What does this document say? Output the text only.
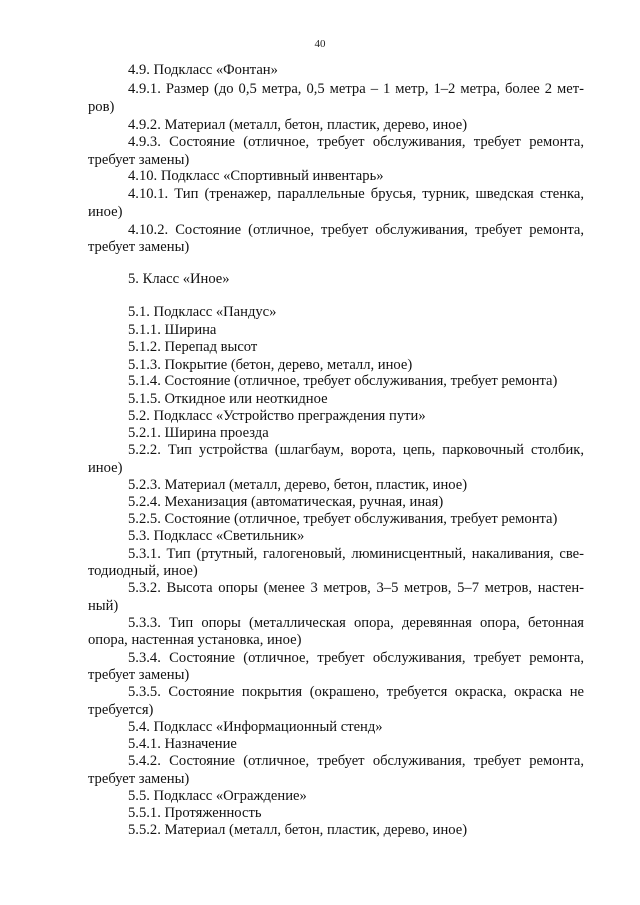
40
4.9. Подкласс «Фонтан»
4.9.1. Размер (до 0,5 метра, 0,5 метра – 1 метр, 1–2 метра, более 2 мет-
ров)
4.9.2. Материал (металл, бетон, пластик, дерево, иное)
4.9.3. Состояние (отличное, требует обслуживания, требует ремонта,
требует замены)
4.10. Подкласс «Спортивный инвентарь»
4.10.1. Тип (тренажер, параллельные брусья, турник, шведская стенка,
иное)
4.10.2. Состояние (отличное, требует обслуживания, требует ремонта,
требует замены)
5. Класс «Иное»
5.1. Подкласс «Пандус»
5.1.1. Ширина
5.1.2. Перепад высот
5.1.3. Покрытие (бетон, дерево, металл, иное)
5.1.4. Состояние (отличное, требует обслуживания, требует ремонта)
5.1.5. Откидное или неоткидное
5.2. Подкласс «Устройство преграждения пути»
5.2.1. Ширина проезда
5.2.2. Тип устройства (шлагбаум, ворота, цепь, парковочный столбик,
иное)
5.2.3. Материал (металл, дерево, бетон, пластик, иное)
5.2.4. Механизация (автоматическая, ручная, иная)
5.2.5. Состояние (отличное, требует обслуживания, требует ремонта)
5.3. Подкласс «Светильник»
5.3.1. Тип (ртутный, галогеновый, люминисцентный, накаливания, све-
тодиодный, иное)
5.3.2. Высота опоры (менее 3 метров, 3–5 метров, 5–7 метров, настен-
ный)
5.3.3. Тип опоры (металлическая опора, деревянная опора, бетонная
опора, настенная установка, иное)
5.3.4. Состояние (отличное, требует обслуживания, требует ремонта,
требует замены)
5.3.5. Состояние покрытия (окрашено, требуется окраска, окраска не
требуется)
5.4. Подкласс «Информационный стенд»
5.4.1. Назначение
5.4.2. Состояние (отличное, требует обслуживания, требует ремонта,
требует замены)
5.5. Подкласс «Ограждение»
5.5.1. Протяженность
5.5.2. Материал (металл, бетон, пластик, дерево, иное)
